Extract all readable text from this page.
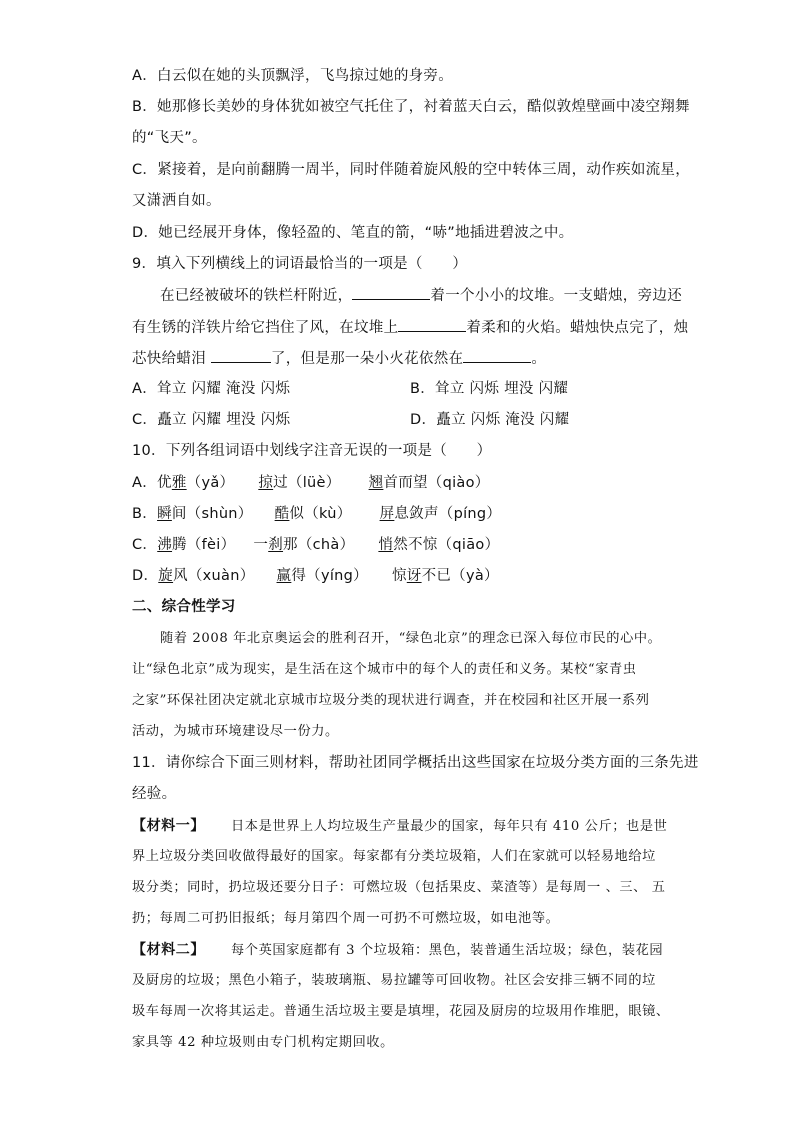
A．白云似在她的头顶飘浮，飞鸟掠过她的身旁。
B．她那修长美妙的身体犹如被空气托住了，衬着蓝天白云，酷似敦煌壁画中凌空翔舞
的“飞天”。
C．紧接着，是向前翻腾一周半，同时伴随着旋风般的空中转体三周，动作疾如流星，
又潇洒自如。
D．她已经展开身体，像轻盈的、笔直的箭，“哧”地插进碧波之中。
9．填入下列横线上的词语最恰当的一项是（　　）
在已经被破坏的铁栏杆附近，	着一个小小的坟堆。一支蜡烛，旁边还
有生锈的洋铁片给它挡住了风，在坟堆上	着柔和的火焰。蜡烛快点完了，烛
芯快给蜡泪	了，但是那一朵小火花依然在	。
A．耸立 闪耀 淹没 闪烁	B．耸立 闪烁 埋没 闪耀
C．矗立 闪耀 埋没 闪烁	D．矗立 闪烁 淹没 闪耀
10．下列各组词语中划线字注音无误的一项是（　　）
A．优雅（yǎ） 掠过（lüè） 翘首而望（qiào）
B．瞬间（shùn） 酷似（kù） 屏息敛声（píng）
C．沸腾（fèi） 一刹那（chà） 悄然不惊（qiāo）
D．旋风（xuàn） 赢得（yíng） 惊讶不已（yà）
二、综合性学习
随着 2008 年北京奥运会的胜利召开，“绿色北京”的理念已深入每位市民的心中。
让“绿色北京”成为现实，是生活在这个城市中的每个人的责任和义务。某校“家青虫
之家”环保社团决定就北京城市垃圾分类的现状进行调查，并在校园和社区开展一系列
活动，为城市环境建设尽一份力。
11．请你综合下面三则材料，帮助社团同学概括出这些国家在垃圾分类方面的三条先进
经验。
【材料一】 日本是世界上人均垃圾生产量最少的国家，每年只有 410 公斤；也是世
界上垃圾分类回收做得最好的国家。每家都有分类垃圾箱，人们在家就可以轻易地给垃
圾分类；同时，扔垃圾还要分日子：可燃垃圾（包括果皮、菜渣等）是每周一 、三、 五
扔；每周二可扔旧报纸；每月第四个周一可扔不可燃垃圾，如电池等。
【材料二】 每个英国家庭都有 3 个垃圾箱：黑色，装普通生活垃圾；绿色，装花园
及厨房的垃圾；黑色小箱子，装玻璃瓶、易拉罐等可回收物。社区会安排三辆不同的垃
圾车每周一次将其运走。普通生活垃圾主要是填埋，花园及厨房的垃圾用作堆肥，眼镜、
家具等 42 种垃圾则由专门机构定期回收。
